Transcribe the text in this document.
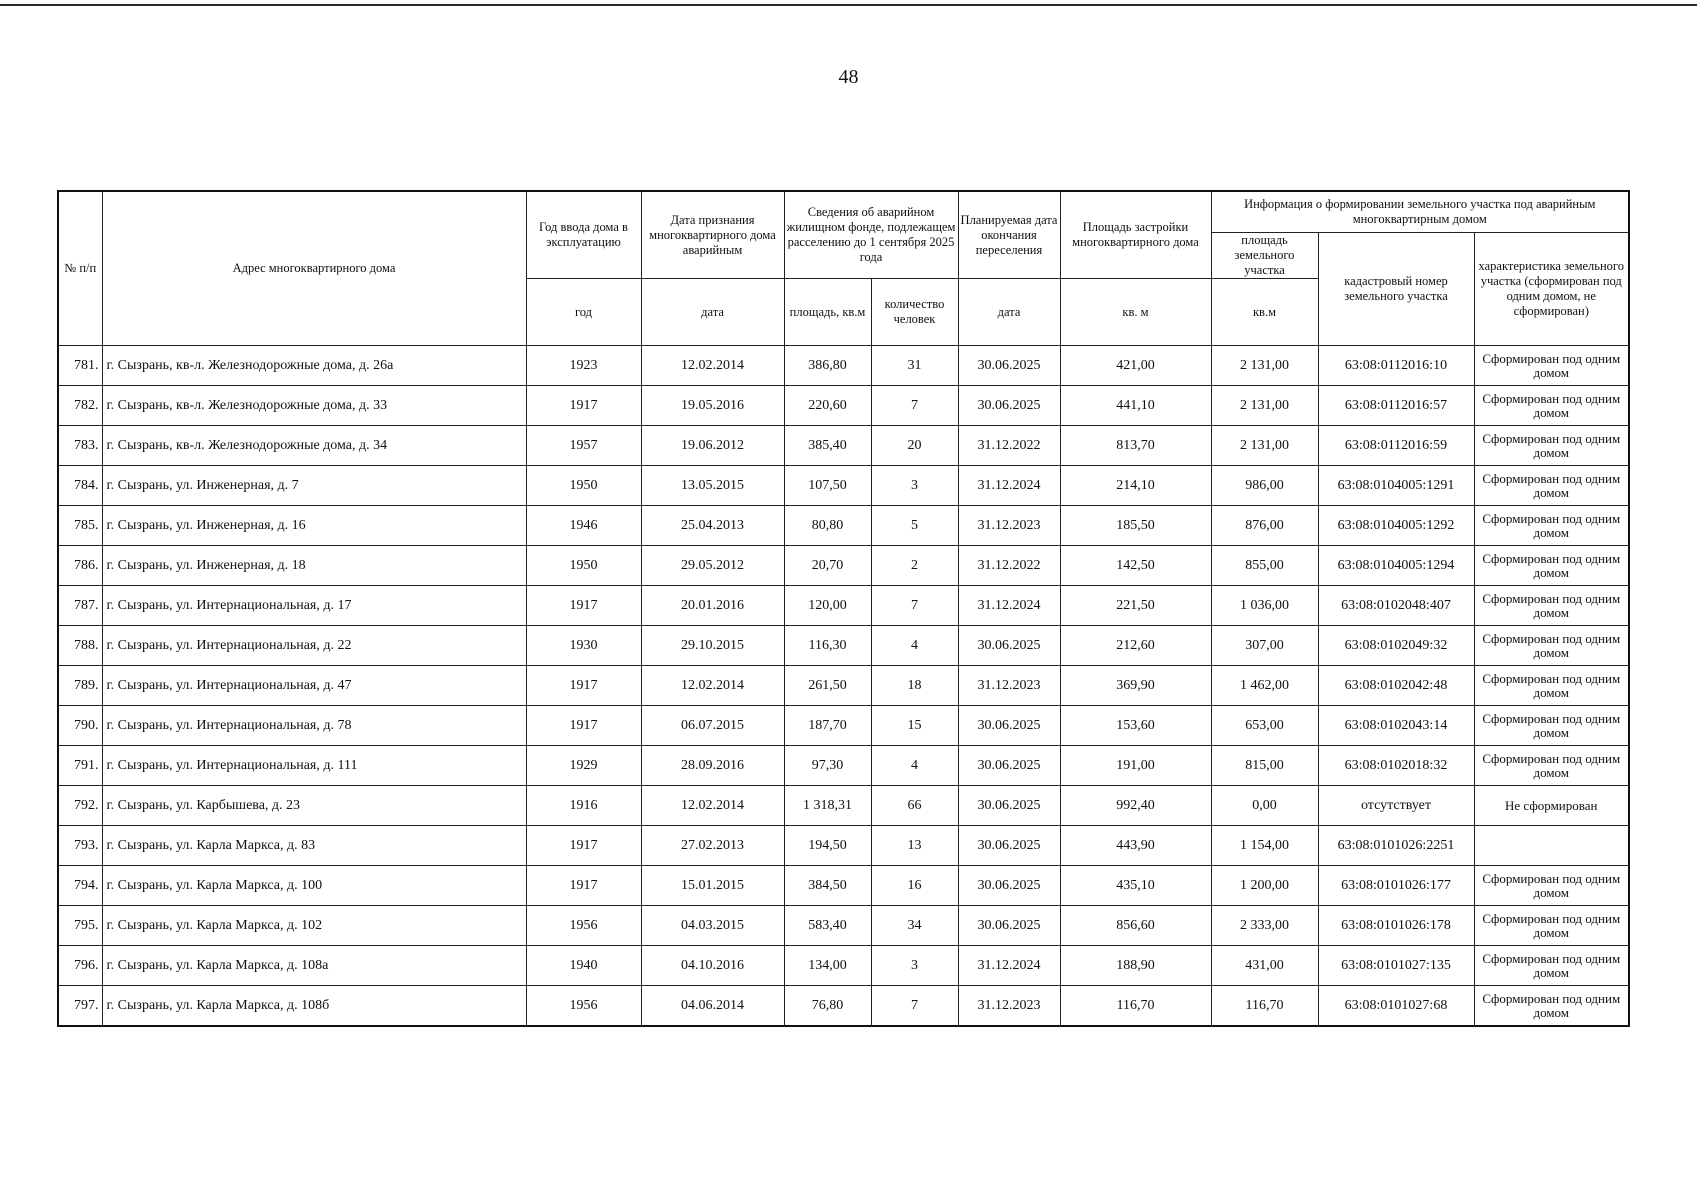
48
№ п/п	Адрес многоквартирного дома	Год ввода дома в эксплуатацию	Дата признания многоквартирного дома аварийным	Сведения об аварийном жилищном фонде, подлежащем расселению до 1 сентября 2025 года		Планируемая дата окончания переселения	Площадь застройки многоквартирного дома	Информация о формировании земельного участка под аварийным многоквартирным домом		
								площадь земельного участка	кадастровый номер земельного участка	характеристика земельного участка (сформирован под одним домом, не сформирован)
		год	дата	площадь, кв.м	количество человек	дата	кв. м	кв.м		
781.	г. Сызрань, кв-л. Железнодорожные дома, д. 26а	1923	12.02.2014	386,80	31	30.06.2025	421,00	2 131,00	63:08:0112016:10	Сформирован под одним домом
782.	г. Сызрань, кв-л. Железнодорожные дома, д. 33	1917	19.05.2016	220,60	7	30.06.2025	441,10	2 131,00	63:08:0112016:57	Сформирован под одним домом
783.	г. Сызрань, кв-л. Железнодорожные дома, д. 34	1957	19.06.2012	385,40	20	31.12.2022	813,70	2 131,00	63:08:0112016:59	Сформирован под одним домом
784.	г. Сызрань, ул. Инженерная, д. 7	1950	13.05.2015	107,50	3	31.12.2024	214,10	986,00	63:08:0104005:1291	Сформирован под одним домом
785.	г. Сызрань, ул. Инженерная, д. 16	1946	25.04.2013	80,80	5	31.12.2023	185,50	876,00	63:08:0104005:1292	Сформирован под одним домом
786.	г. Сызрань, ул. Инженерная, д. 18	1950	29.05.2012	20,70	2	31.12.2022	142,50	855,00	63:08:0104005:1294	Сформирован под одним домом
787.	г. Сызрань, ул. Интернациональная, д. 17	1917	20.01.2016	120,00	7	31.12.2024	221,50	1 036,00	63:08:0102048:407	Сформирован под одним домом
788.	г. Сызрань, ул. Интернациональная, д. 22	1930	29.10.2015	116,30	4	30.06.2025	212,60	307,00	63:08:0102049:32	Сформирован под одним домом
789.	г. Сызрань, ул. Интернациональная, д. 47	1917	12.02.2014	261,50	18	31.12.2023	369,90	1 462,00	63:08:0102042:48	Сформирован под одним домом
790.	г. Сызрань, ул. Интернациональная, д. 78	1917	06.07.2015	187,70	15	30.06.2025	153,60	653,00	63:08:0102043:14	Сформирован под одним домом
791.	г. Сызрань, ул. Интернациональная, д. 111	1929	28.09.2016	97,30	4	30.06.2025	191,00	815,00	63:08:0102018:32	Сформирован под одним домом
792.	г. Сызрань, ул. Карбышева, д. 23	1916	12.02.2014	1 318,31	66	30.06.2025	992,40	0,00	отсутствует	Не сформирован
793.	г. Сызрань, ул. Карла Маркса, д. 83	1917	27.02.2013	194,50	13	30.06.2025	443,90	1 154,00	63:08:0101026:2251	
794.	г. Сызрань, ул. Карла Маркса, д. 100	1917	15.01.2015	384,50	16	30.06.2025	435,10	1 200,00	63:08:0101026:177	Сформирован под одним домом
795.	г. Сызрань, ул. Карла Маркса, д. 102	1956	04.03.2015	583,40	34	30.06.2025	856,60	2 333,00	63:08:0101026:178	Сформирован под одним домом
796.	г. Сызрань, ул. Карла Маркса, д. 108а	1940	04.10.2016	134,00	3	31.12.2024	188,90	431,00	63:08:0101027:135	Сформирован под одним домом
797.	г. Сызрань, ул. Карла Маркса, д. 108б	1956	04.06.2014	76,80	7	31.12.2023	116,70	116,70	63:08:0101027:68	Сформирован под одним домом
